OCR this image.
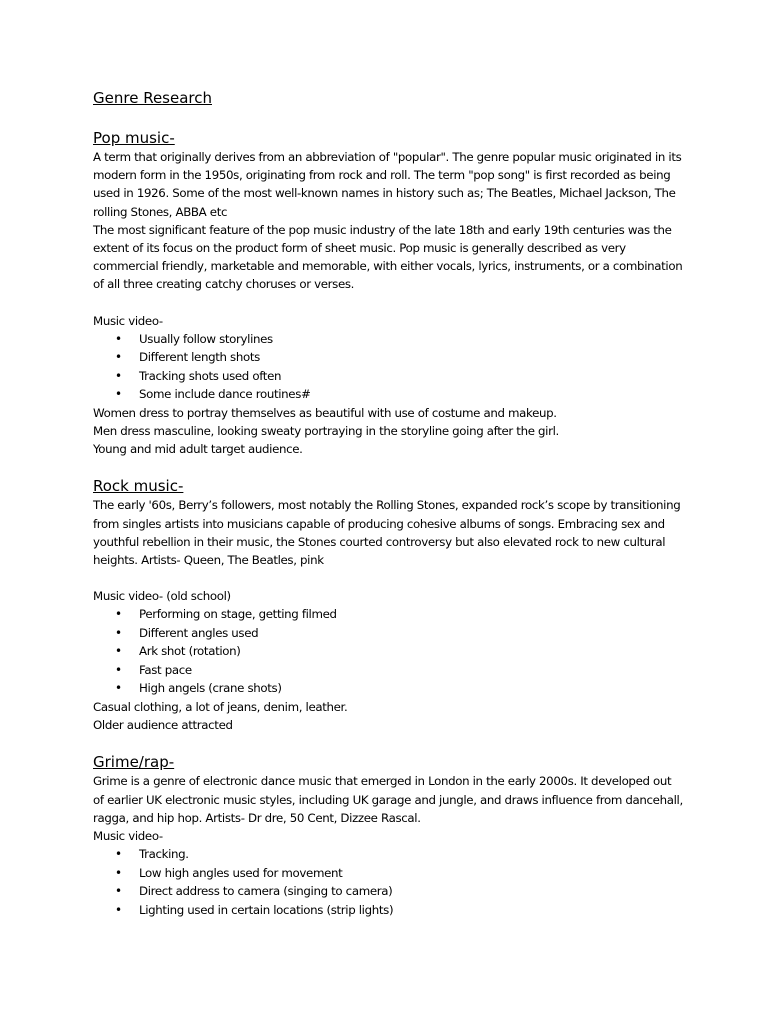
Genre Research
Pop music-

A term that originally derives from an abbreviation of "popular". The genre popular music originated in its modern form in the 1950s, originating from rock and roll. The term "pop song" is first recorded as being used in 1926. Some of the most well-known names in history such as; The Beatles, Michael Jackson, The rolling Stones, ABBA etc

The most significant feature of the pop music industry of the late 18th and early 19th centuries was the extent of its focus on the product form of sheet music. Pop music is generally described as very commercial friendly, marketable and memorable, with either vocals, lyrics, instruments, or a combination of all three creating catchy choruses or verses.

Music video-

• Usually follow storylines
• Different length shots
• Tracking shots used often
• Some include dance routines#

Women dress to portray themselves as beautiful with use of costume and makeup.

Men dress masculine, looking sweaty portraying in the storyline going after the girl.

Young and mid adult target audience.

Rock music-

The early '60s, Berry’s followers, most notably the Rolling Stones, expanded rock’s scope by transitioning from singles artists into musicians capable of producing cohesive albums of songs. Embracing sex and youthful rebellion in their music, the Stones courted controversy but also elevated rock to new cultural heights. Artists- Queen, The Beatles, pink

Music video- (old school)

• Performing on stage, getting filmed
• Different angles used
• Ark shot (rotation)
• Fast pace
• High angels (crane shots)

Casual clothing, a lot of jeans, denim, leather.

Older audience attracted

Grime/rap-

Grime is a genre of electronic dance music that emerged in London in the early 2000s. It developed out of earlier UK electronic music styles, including UK garage and jungle, and draws influence from dancehall, ragga, and hip hop. Artists- Dr dre, 50 Cent, Dizzee Rascal.

Music video-

• Tracking.
• Low high angles used for movement
• Direct address to camera (singing to camera)
• Lighting used in certain locations (strip lights)
